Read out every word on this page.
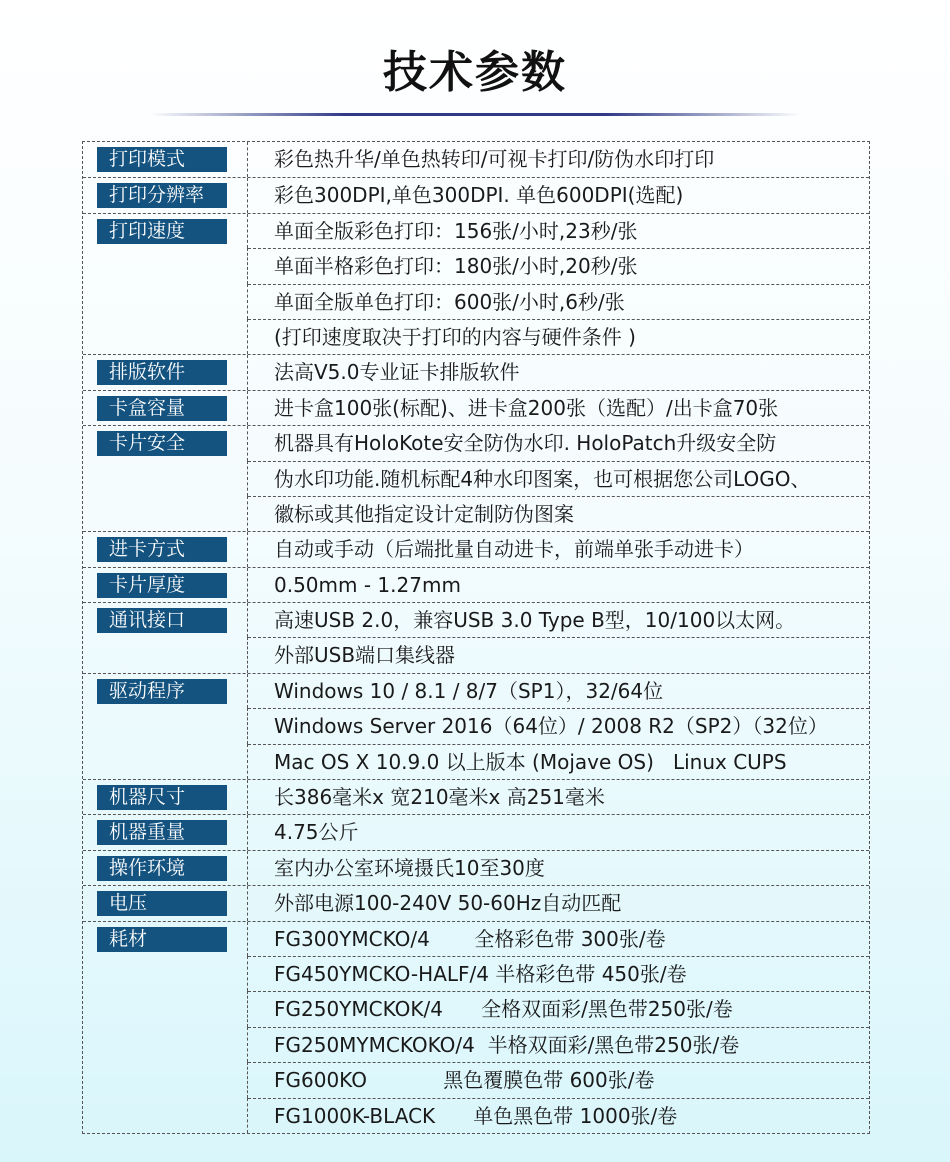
技术参数
打印模式	彩色热升华/单色热转印/可视卡打印/防伪水印打印
打印分辨率	彩色300DPI,单色300DPI. 单色600DPI(选配)
打印速度	单面全版彩色打印：156张/小时,23秒/张
单面半格彩色打印：180张/小时,20秒/张
单面全版单色打印：600张/小时,6秒/张
(打印速度取决于打印的内容与硬件条件 )
排版软件	法高V5.0专业证卡排版软件
卡盒容量	进卡盒100张(标配)、进卡盒200张（选配）/出卡盒70张
卡片安全	机器具有HoloKote安全防伪水印. HoloPatch升级安全防
伪水印功能.随机标配4种水印图案，也可根据您公司LOGO、
徽标或其他指定设计定制防伪图案
进卡方式	自动或手动（后端批量自动进卡，前端单张手动进卡）
卡片厚度	0.50mm - 1.27mm
通讯接口	高速USB 2.0，兼容USB 3.0 Type B型，10/100以太网。
外部USB端口集线器
驱动程序	Windows 10 / 8.1 / 8/7（SP1），32/64位
Windows Server 2016（64位）/ 2008 R2（SP2）（32位）
Mac OS X 10.9.0 以上版本 (Mojave OS)   Linux CUPS
机器尺寸	长386毫米x 宽210毫米x 高251毫米
机器重量	4.75公斤
操作环境	室内办公室环境摄氏10至30度
电压	外部电源100-240V 50-60Hz自动匹配
耗材	FG300YMCKO/4       全格彩色带 300张/卷
FG450YMCKO-HALF/4 半格彩色带 450张/卷
FG250YMCKOK/4      全格双面彩/黑色带250张/卷
FG250MYMCKOKO/4  半格双面彩/黑色带250张/卷
FG600KO            黑色覆膜色带 600张/卷
FG1000K-BLACK      单色黑色带 1000张/卷
